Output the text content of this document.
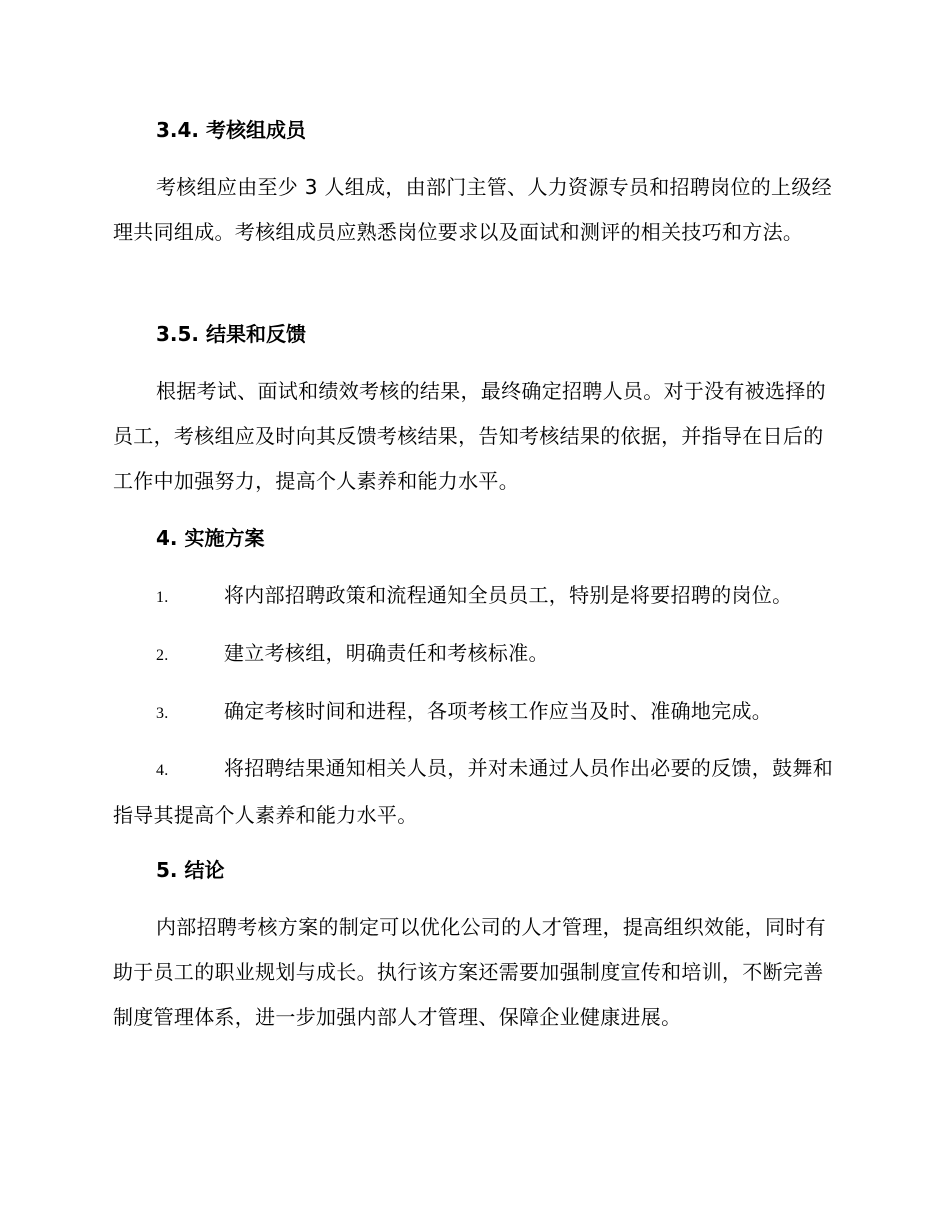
3.4. 考核组成员
考核组应由至少 3 人组成，由部门主管、人力资源专员和招聘岗位的上级经理共同组成。考核组成员应熟悉岗位要求以及面试和测评的相关技巧和方法。
3.5. 结果和反馈
根据考试、面试和绩效考核的结果，最终确定招聘人员。对于没有被选择的员工，考核组应及时向其反馈考核结果，告知考核结果的依据，并指导在日后的工作中加强努力，提高个人素养和能力水平。
4. 实施方案
1.	将内部招聘政策和流程通知全员员工，特别是将要招聘的岗位。
2.	建立考核组，明确责任和考核标准。
3.	确定考核时间和进程，各项考核工作应当及时、准确地完成。
4.	将招聘结果通知相关人员，并对未通过人员作出必要的反馈，鼓舞和指导其提高个人素养和能力水平。
5. 结论
内部招聘考核方案的制定可以优化公司的人才管理，提高组织效能，同时有助于员工的职业规划与成长。执行该方案还需要加强制度宣传和培训，不断完善制度管理体系，进一步加强内部人才管理、保障企业健康进展。
